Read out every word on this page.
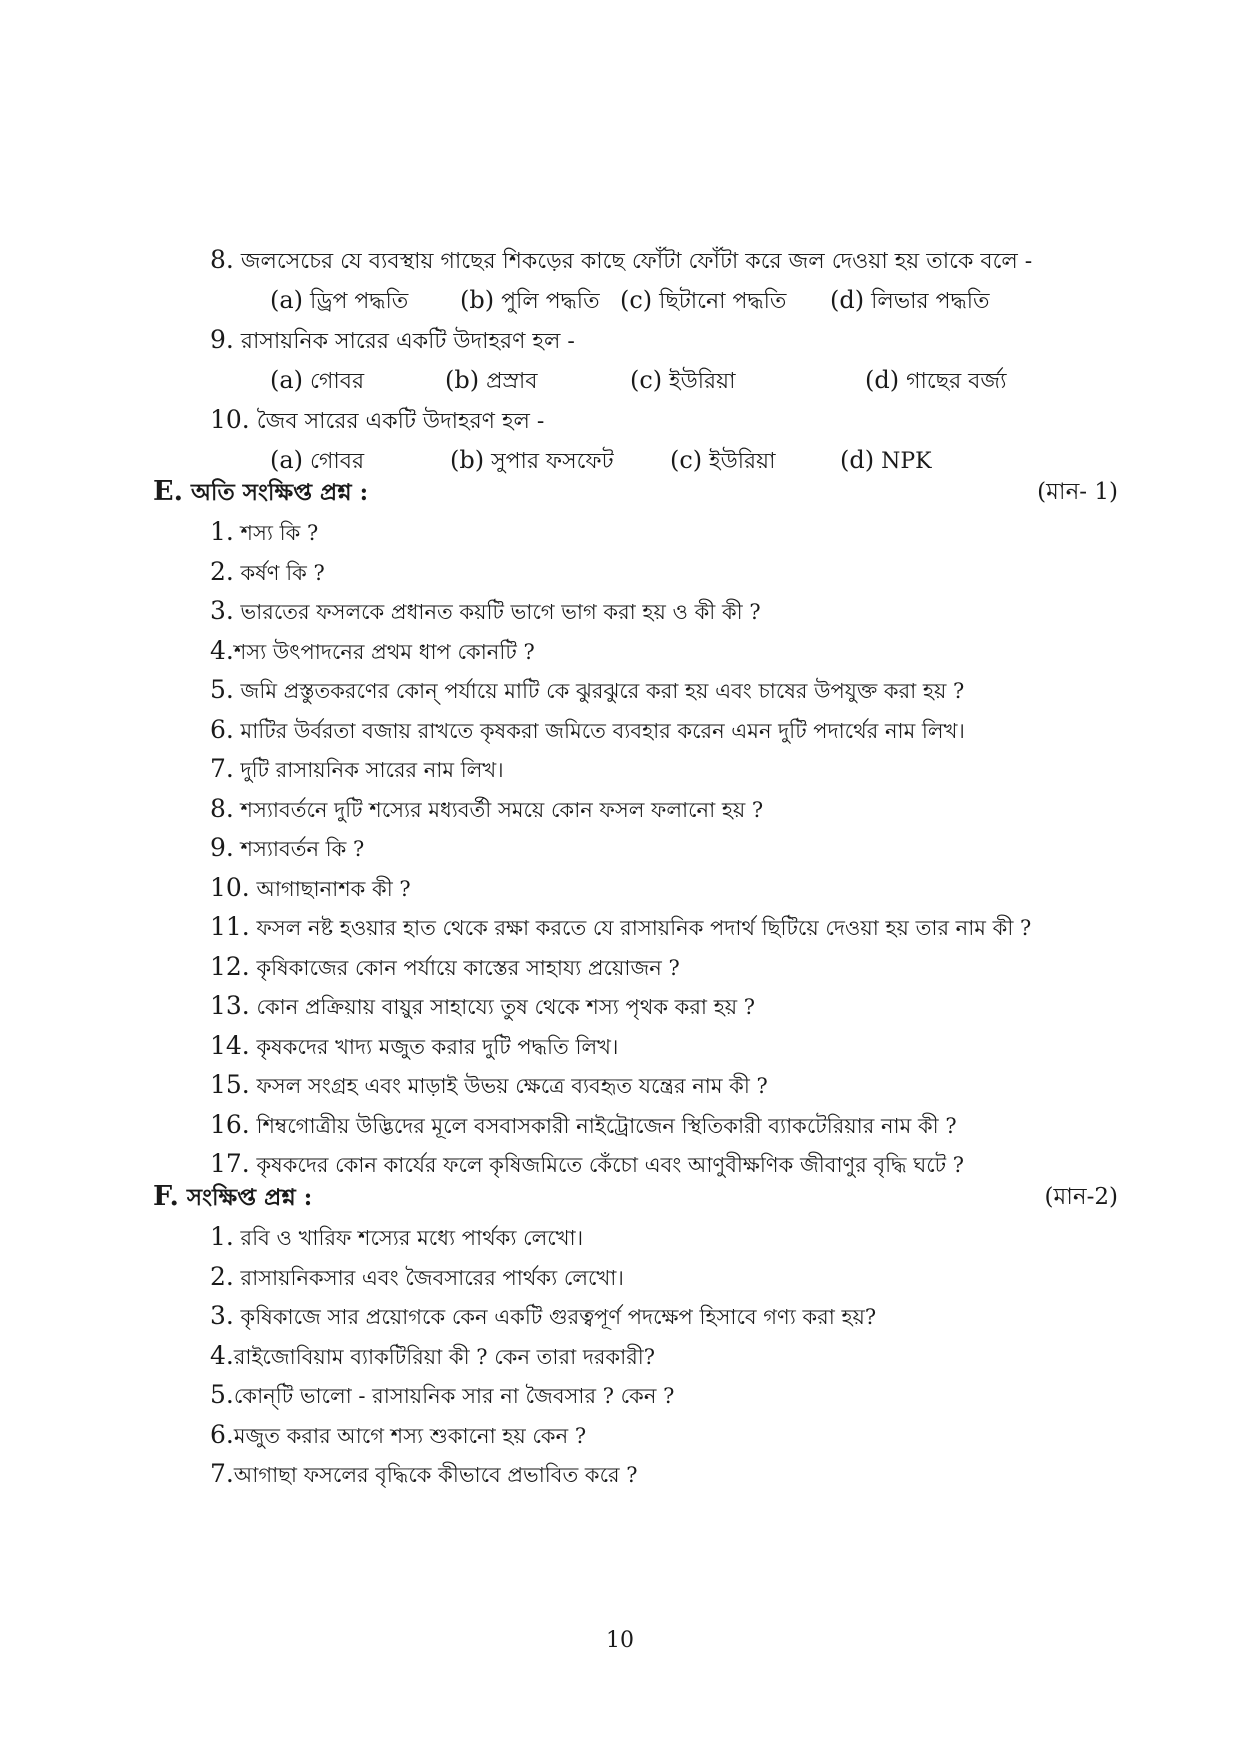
8. জলসেচের যে ব্যবস্থায় গাছের শিকড়ের কাছে ফোঁটা ফোঁটা করে জল দেওয়া হয় তাকে বলে -
(a) ড্রিপ পদ্ধতি (b) পুলি পদ্ধতি (c) ছিটানো পদ্ধতি (d) লিভার পদ্ধতি
9. রাসায়নিক সারের একটি উদাহরণ হল -
(a) গোবর	(b) প্রস্রাব	(c) ইউরিয়া	(d) গাছের বর্জ্য
10. জৈব সারের একটি উদাহরণ হল -
(a) গোবর	(b) সুপার ফসফেট (c) ইউরিয়া	(d) NPK
E. অতি সংক্ষিপ্ত প্রশ্ন :	(মান- 1)
1. শস্য কি ?
2. কর্ষণ কি ?
3. ভারতের ফসলকে প্রধানত কয়টি ভাগে ভাগ করা হয় ও কী কী ?
4.শস্য উৎপাদনের প্রথম ধাপ কোনটি ?
5. জমি প্রস্তুতকরণের কোন্ পর্যায়ে মাটি কে ঝুরঝুরে করা হয় এবং চাষের উপযুক্ত করা হয় ?
6. মাটির উর্বরতা বজায় রাখতে কৃষকরা জমিতে ব্যবহার করেন এমন দুটি পদার্থের নাম লিখ।
7. দুটি রাসায়নিক সারের নাম লিখ।
8. শস্যাবর্তনে দুটি শস্যের মধ্যবর্তী সময়ে কোন ফসল ফলানো হয় ?
9. শস্যাবর্তন কি ?
10. আগাছানাশক কী ?
11. ফসল নষ্ট হওয়ার হাত থেকে রক্ষা করতে যে রাসায়নিক পদার্থ ছিটিয়ে দেওয়া হয় তার নাম কী ?
12. কৃষিকাজের কোন পর্যায়ে কাস্তের সাহায্য প্রয়োজন ?
13. কোন প্রক্রিয়ায় বায়ুর সাহায্যে তুষ থেকে শস্য পৃথক করা হয় ?
14. কৃষকদের খাদ্য মজুত করার দুটি পদ্ধতি লিখ।
15. ফসল সংগ্রহ এবং মাড়াই উভয় ক্ষেত্রে ব্যবহৃত যন্ত্রের নাম কী ?
16. শিম্বগোত্রীয় উদ্ভিদের মূলে বসবাসকারী নাইট্রোজেন স্থিতিকারী ব্যাকটেরিয়ার নাম কী ?
17. কৃষকদের কোন কার্যের ফলে কৃষিজমিতে কেঁচো এবং আণুবীক্ষণিক জীবাণুর বৃদ্ধি ঘটে ?
F. সংক্ষিপ্ত প্রশ্ন :	(মান-2)
1. রবি ও খারিফ শস্যের মধ্যে পার্থক্য লেখো।
2. রাসায়নিকসার এবং জৈবসারের পার্থক্য লেখো।
3. কৃষিকাজে সার প্রয়োগকে কেন একটি গুরত্বপূর্ণ পদক্ষেপ হিসাবে গণ্য করা হয়?
4.রাইজোবিয়াম ব্যাকটিরিয়া কী ? কেন তারা দরকারী?
5.কোন্‌টি ভালো - রাসায়নিক সার না জৈবসার ? কেন ?
6.মজুত করার আগে শস্য শুকানো হয় কেন ?
7.আগাছা ফসলের বৃদ্ধিকে কীভাবে প্রভাবিত করে ?
10
